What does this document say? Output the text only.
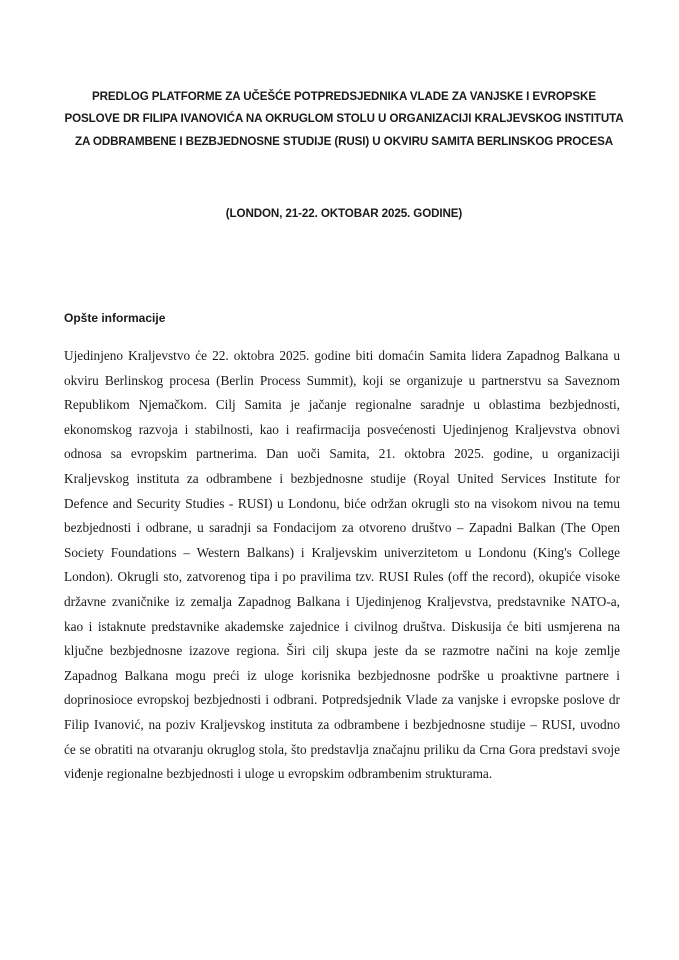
PREDLOG PLATFORME ZA UČEŠĆE POTPREDSJEDNIKA VLADE ZA VANJSKE I EVROPSKE POSLOVE DR FILIPA IVANOVIĆA NA OKRUGLOM STOLU U ORGANIZACIJI KRALJEVSKOG INSTITUTA ZA ODBRAMBENE I BEZBJEDNOSNE STUDIJE (RUSI) U OKVIRU SAMITA BERLINSKOG PROCESA
(LONDON, 21-22. OKTOBAR 2025. GODINE)
Opšte informacije

Ujedinjeno Kraljevstvo će 22. oktobra 2025. godine biti domaćin Samita lidera Zapadnog Balkana u okviru Berlinskog procesa (Berlin Process Summit), koji se organizuje u partnerstvu sa Saveznom Republikom Njemačkom. Cilj Samita je jačanje regionalne saradnje u oblastima bezbjednosti, ekonomskog razvoja i stabilnosti, kao i reafirmacija posvećenosti Ujedinjenog Kraljevstva obnovi odnosa sa evropskim partnerima. Dan uoči Samita, 21. oktobra 2025. godine, u organizaciji Kraljevskog instituta za odbrambene i bezbjednosne studije (Royal United Services Institute for Defence and Security Studies - RUSI) u Londonu, biće održan okrugli sto na visokom nivou na temu bezbjednosti i odbrane, u saradnji sa Fondacijom za otvoreno društvo – Zapadni Balkan (The Open Society Foundations – Western Balkans) i Kraljevskim univerzitetom u Londonu (King's College London). Okrugli sto, zatvorenog tipa i po pravilima tzv. RUSI Rules (off the record), okupiće visoke državne zvaničnike iz zemalja Zapadnog Balkana i Ujedinjenog Kraljevstva, predstavnike NATO-a, kao i istaknute predstavnike akademske zajednice i civilnog društva. Diskusija će biti usmjerena na ključne bezbjednosne izazove regiona. Širi cilj skupa jeste da se razmotre načini na koje zemlje Zapadnog Balkana mogu preći iz uloge korisnika bezbjednosne podrške u proaktivne partnere i doprinosioce evropskoj bezbjednosti i odbrani. Potpredsjednik Vlade za vanjske i evropske poslove dr Filip Ivanović, na poziv Kraljevskog instituta za odbrambene i bezbjednosne studije – RUSI, uvodno će se obratiti na otvaranju okruglog stola, što predstavlja značajnu priliku da Crna Gora predstavi svoje viđenje regionalne bezbjednosti i uloge u evropskim odbrambenim strukturama.
